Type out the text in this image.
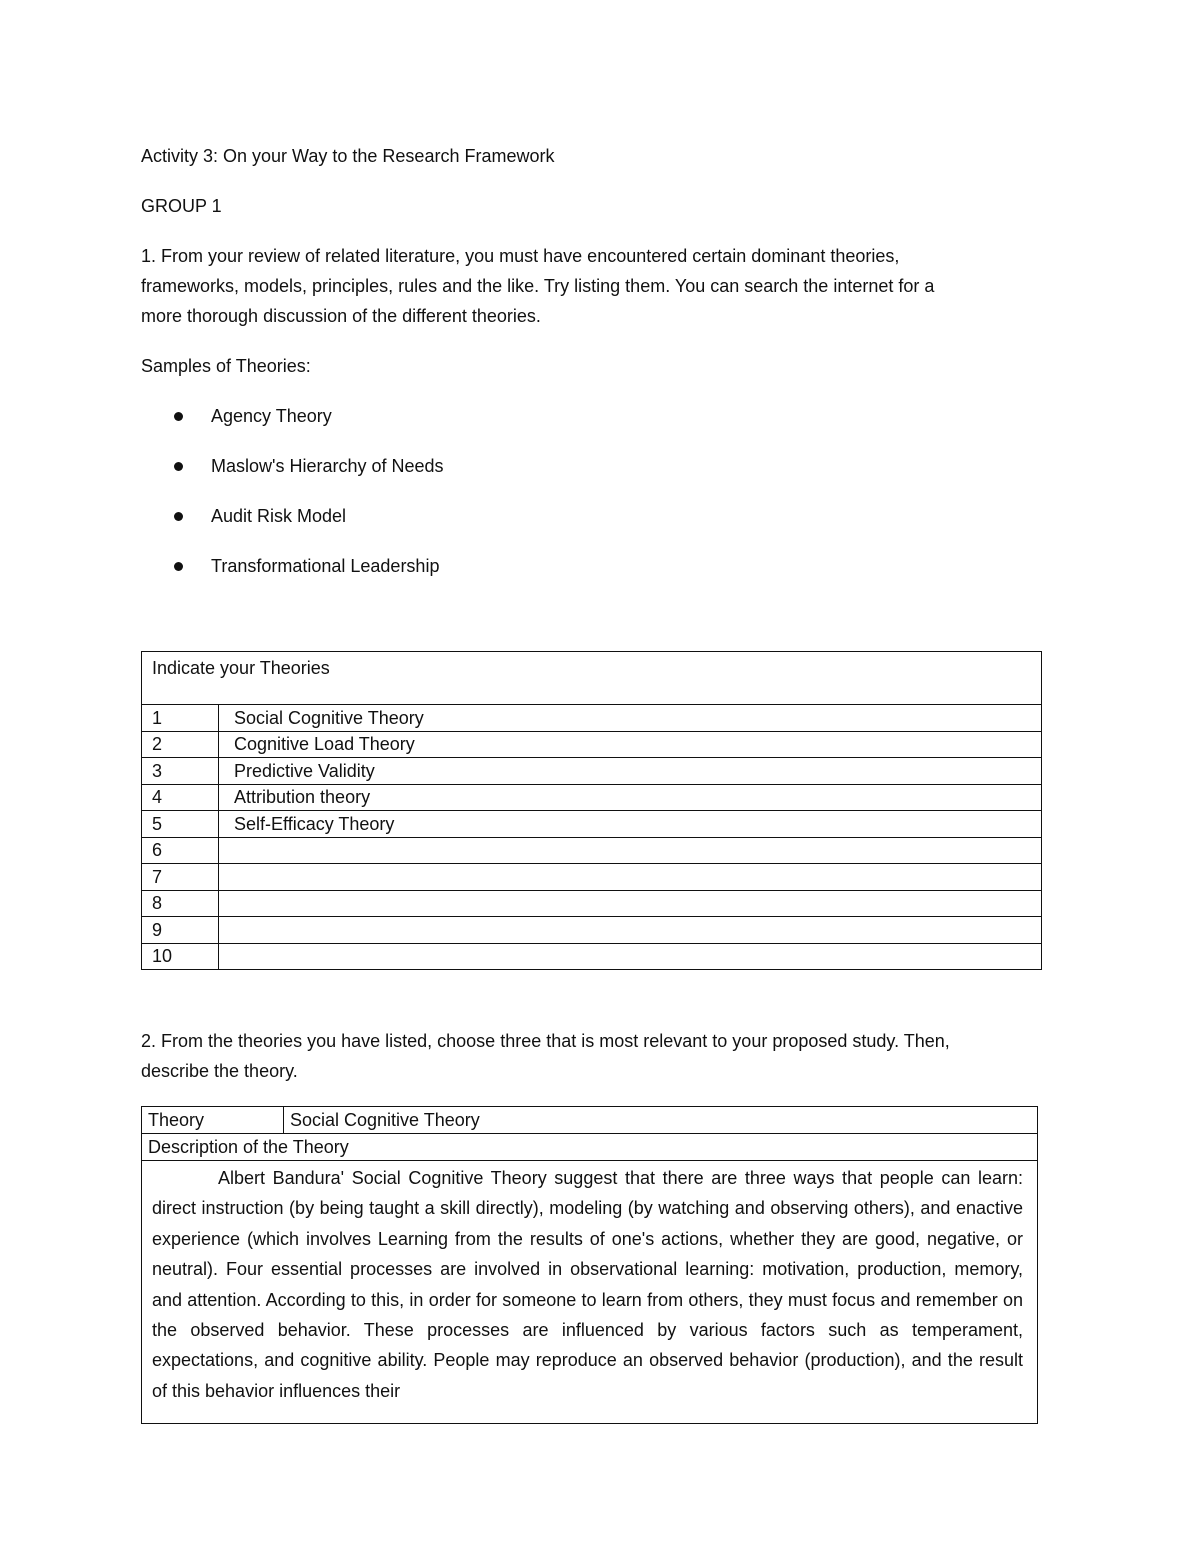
Activity 3: On your Way to the Research Framework
GROUP 1
1. From your review of related literature, you must have encountered certain dominant theories,
frameworks, models, principles, rules and the like. Try listing them. You can search the internet for a
more thorough discussion of the different theories.
Samples of Theories:
Agency Theory
Maslow's Hierarchy of Needs
Audit Risk Model
Transformational Leadership
Indicate your Theories	
1	Social Cognitive Theory
2	Cognitive Load Theory
3	Predictive Validity
4	Attribution theory
5	Self-Efficacy Theory
6	
7	
8	
9	
10	
2. From the theories you have listed, choose three that is most relevant to your proposed study. Then,
describe the theory.
Theory	Social Cognitive Theory
Description of the Theory
Albert Bandura' Social Cognitive Theory suggest that there are three ways that people can learn: direct instruction (by being taught a skill directly), modeling (by watching and observing others), and enactive experience (which involves Learning from the results of one's actions, whether they are good, negative, or neutral). Four essential processes are involved in observational learning: motivation, production, memory, and attention. According to this, in order for someone to learn from others, they must focus and remember on the observed behavior. These processes are influenced by various factors such as temperament, expectations, and cognitive ability. People may reproduce an observed behavior (production), and the result of this behavior influences their
